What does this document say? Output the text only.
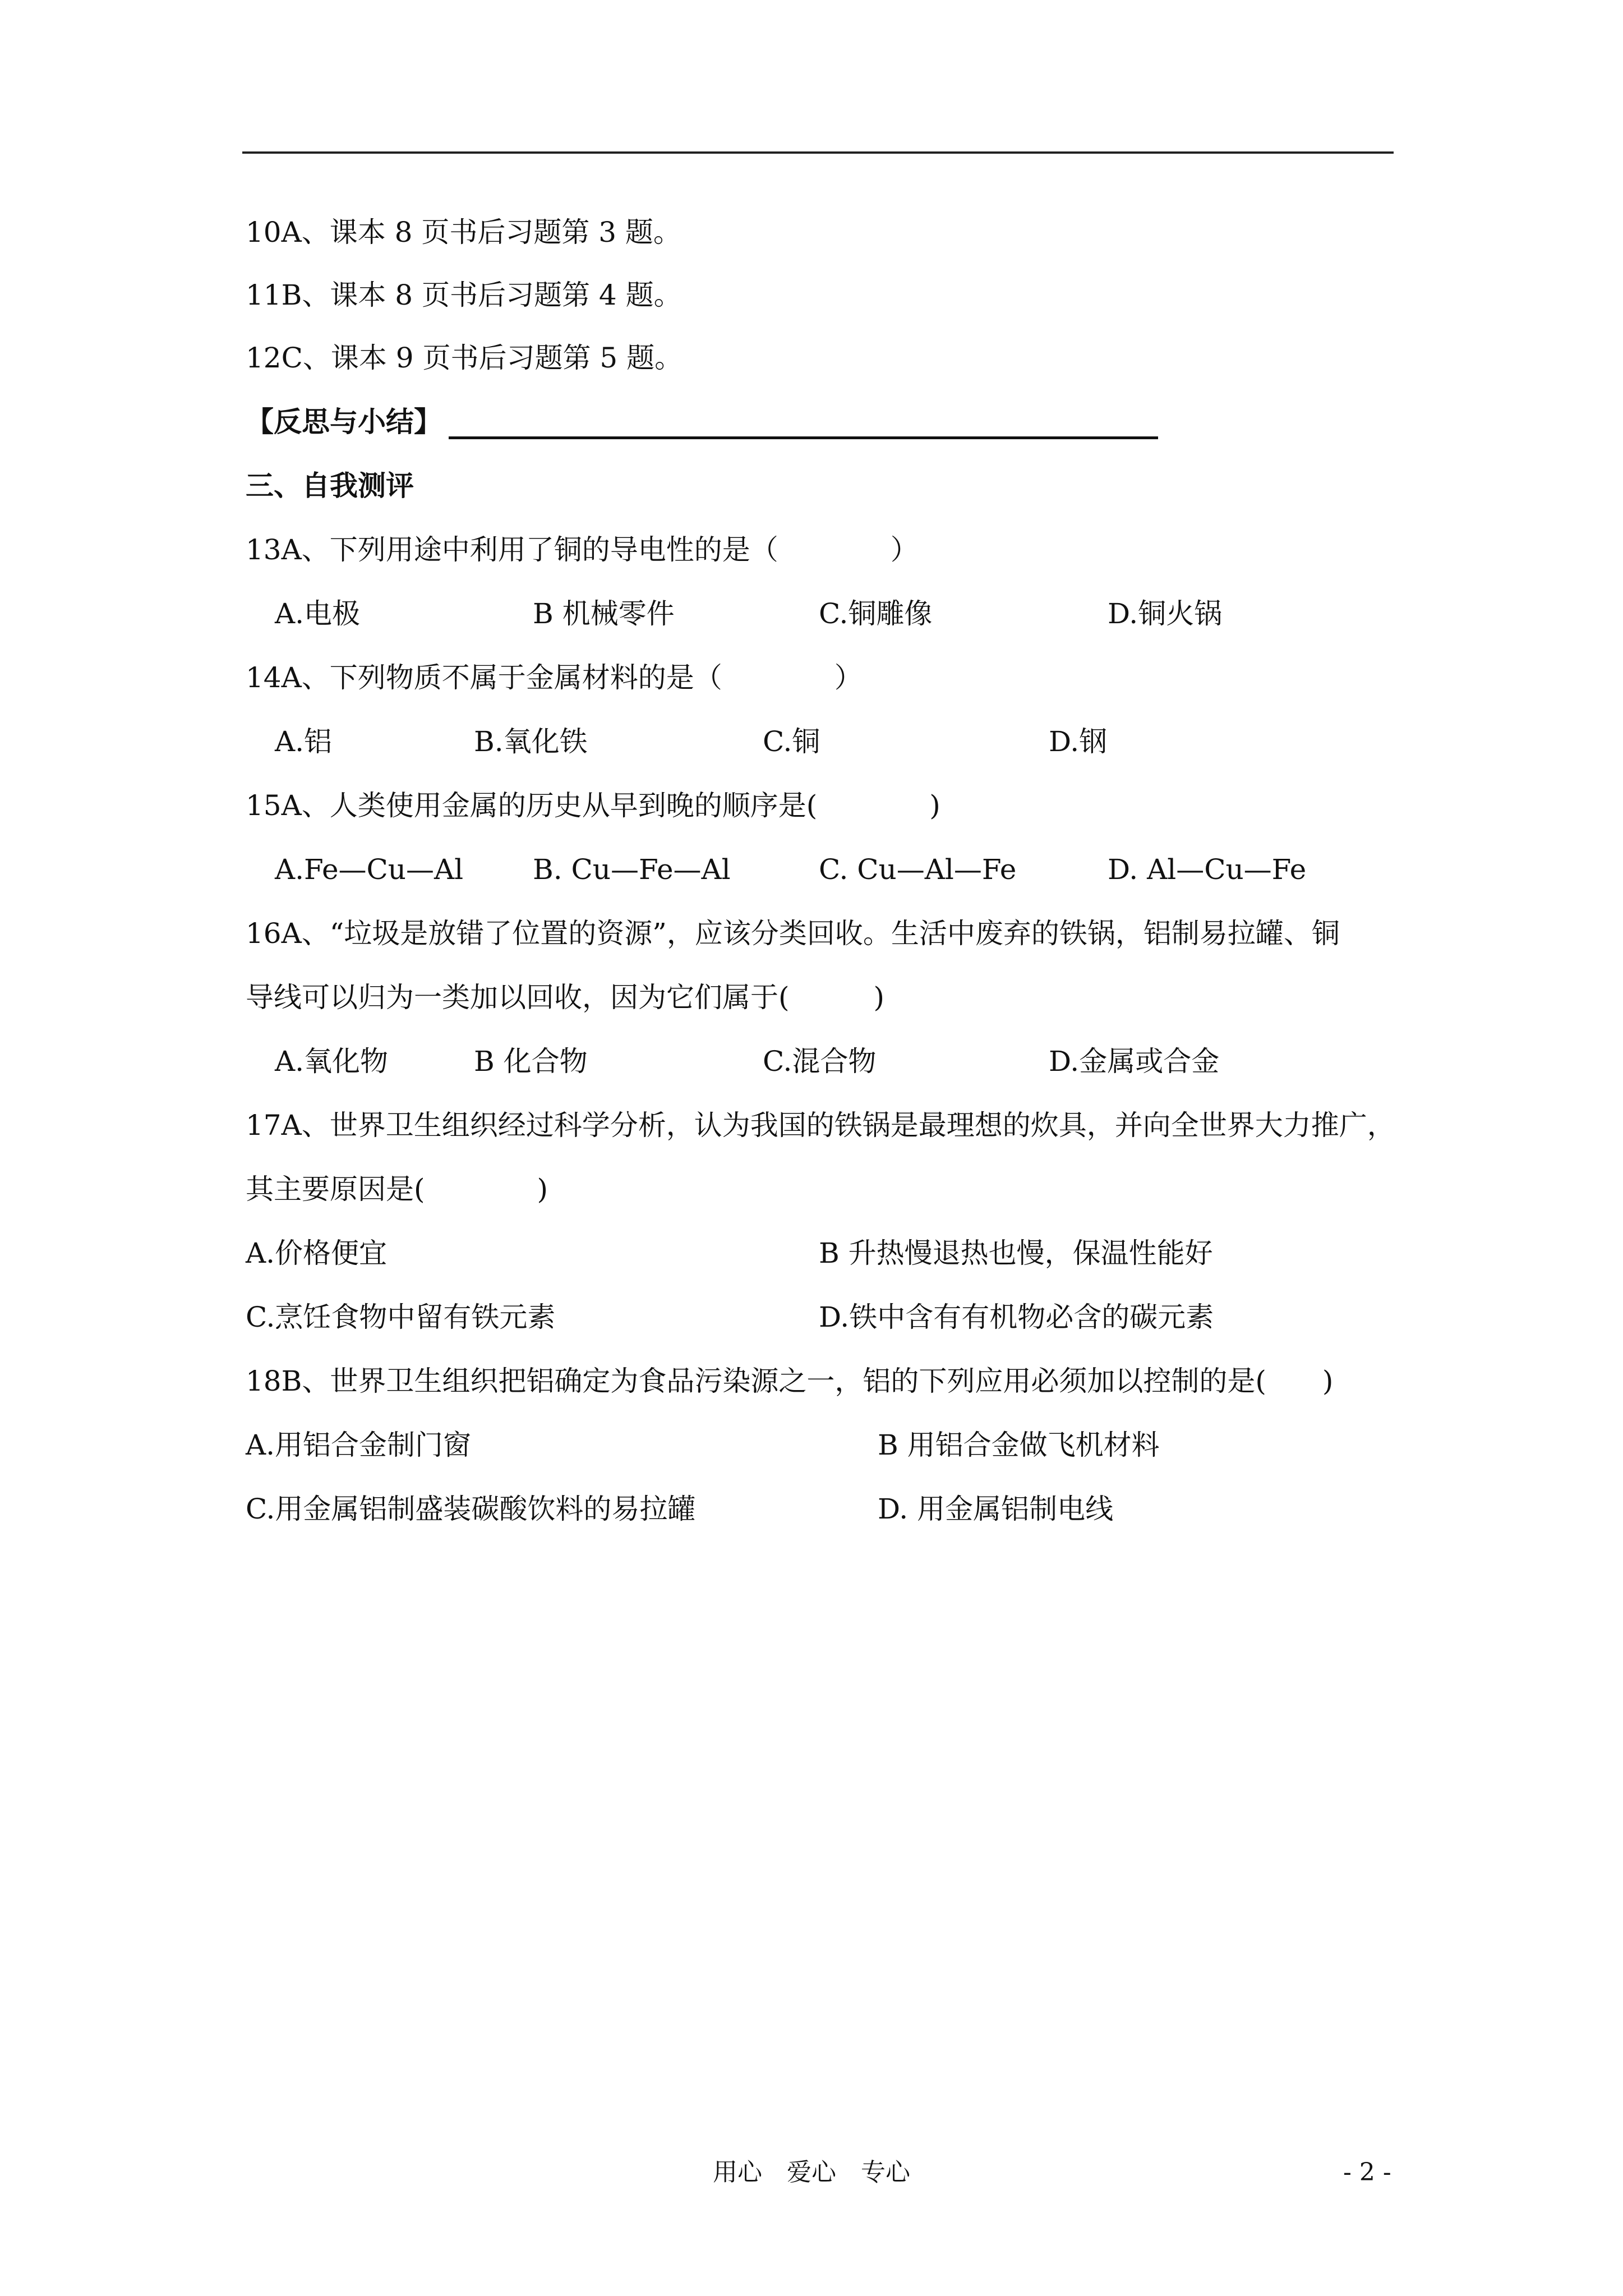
10A、课本 8 页书后习题第 3 题。
11B、课本 8 页书后习题第 4 题。
12C、课本 9 页书后习题第 5 题。
【反思与小结】
三、自我测评
13A、下列用途中利用了铜的导电性的是（　　　　）
A.电极	B 机械零件	C.铜雕像	D.铜火锅
14A、下列物质不属于金属材料的是（　　　　）
A.铝	B.氧化铁	C.铜	D.钢
15A、人类使用金属的历史从早到晚的顺序是(　　　　)
A.Fe—Cu—Al B. Cu—Fe—Al	C. Cu—Al—Fe	D. Al—Cu—Fe
16A、“垃圾是放错了位置的资源”，应该分类回收。生活中废弃的铁锅，铝制易拉罐、铜
导线可以归为一类加以回收，因为它们属于(　　　)
A.氧化物	B 化合物	C.混合物	D.金属或合金
17A、世界卫生组织经过科学分析，认为我国的铁锅是最理想的炊具，并向全世界大力推广，
其主要原因是(　　　　)
A.价格便宜	B 升热慢退热也慢，保温性能好
C.烹饪食物中留有铁元素	D.铁中含有有机物必含的碳元素
18B、世界卫生组织把铝确定为食品污染源之一，铝的下列应用必须加以控制的是(　　)
A.用铝合金制门窗	B 用铝合金做飞机材料
C.用金属铝制盛装碳酸饮料的易拉罐	D. 用金属铝制电线
用心　爱心　专心	- 2 -
